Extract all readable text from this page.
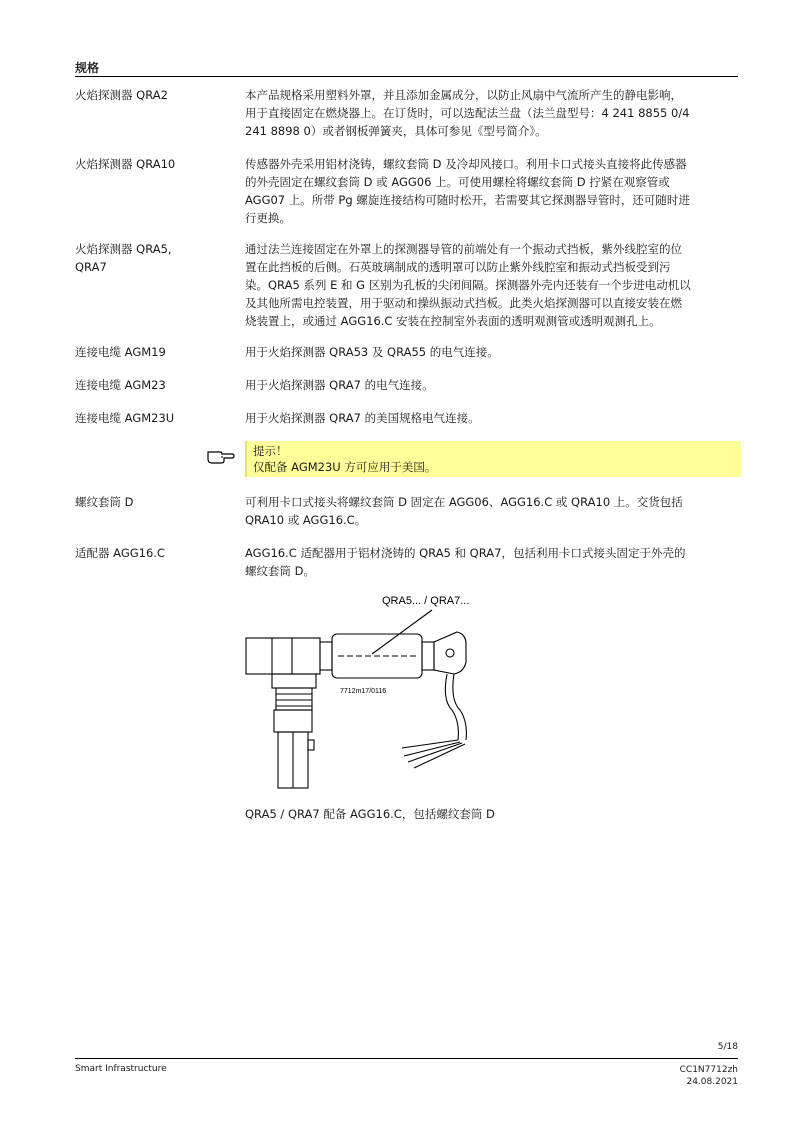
规格
火焰探测器 QRA2	本产品规格采用塑料外罩，并且添加金属成分，以防止风扇中气流所产生的静电影响，
用于直接固定在燃烧器上。在订货时，可以选配法兰盘（法兰盘型号：4 241 8855 0/4
241 8898 0）或者钢板弹簧夹，具体可参见《型号简介》。
火焰探测器 QRA10	传感器外壳采用铝材浇铸，螺纹套筒 D 及冷却风接口。利用卡口式接头直接将此传感器
的外壳固定在螺纹套筒 D 或 AGG06 上。可使用螺栓将螺纹套筒 D 拧紧在观察管或
AGG07 上。所带 Pg 螺旋连接结构可随时松开，若需要其它探测器导管时，还可随时进
行更换。
火焰探测器 QRA5,
QRA7
通过法兰连接固定在外罩上的探测器导管的前端处有一个振动式挡板，紫外线腔室的位
置在此挡板的后侧。石英玻璃制成的透明罩可以防止紫外线腔室和振动式挡板受到污
染。QRA5 系列 E 和 G 区别为孔板的尖闭间隔。探测器外壳内还装有一个步进电动机以
及其他所需电控装置，用于驱动和操纵振动式挡板。此类火焰探测器可以直接安装在燃
烧装置上，或通过 AGG16.C 安装在控制室外表面的透明观测管或透明观测孔上。
连接电缆 AGM19	用于火焰探测器 QRA53 及 QRA55 的电气连接。
连接电缆 AGM23	用于火焰探测器 QRA7 的电气连接。
连接电缆 AGM23U	用于火焰探测器 QRA7 的美国规格电气连接。
提示！
仅配备 AGM23U 方可应用于美国。
螺纹套筒 D	可利用卡口式接头将螺纹套筒 D 固定在 AGG06、AGG16.C 或 QRA10 上。交货包括
QRA10 或 AGG16.C。
适配器 AGG16.C	AGG16.C 适配器用于铝材浇铸的 QRA5 和 QRA7，包括利用卡口式接头固定于外壳的
螺纹套筒 D。
QRA5... / QRA7...
7712m17/0116
QRA5 / QRA7 配备 AGG16.C，包括螺纹套筒 D
5/18
Smart Infrastructure	CC1N7712zh
24.08.2021
